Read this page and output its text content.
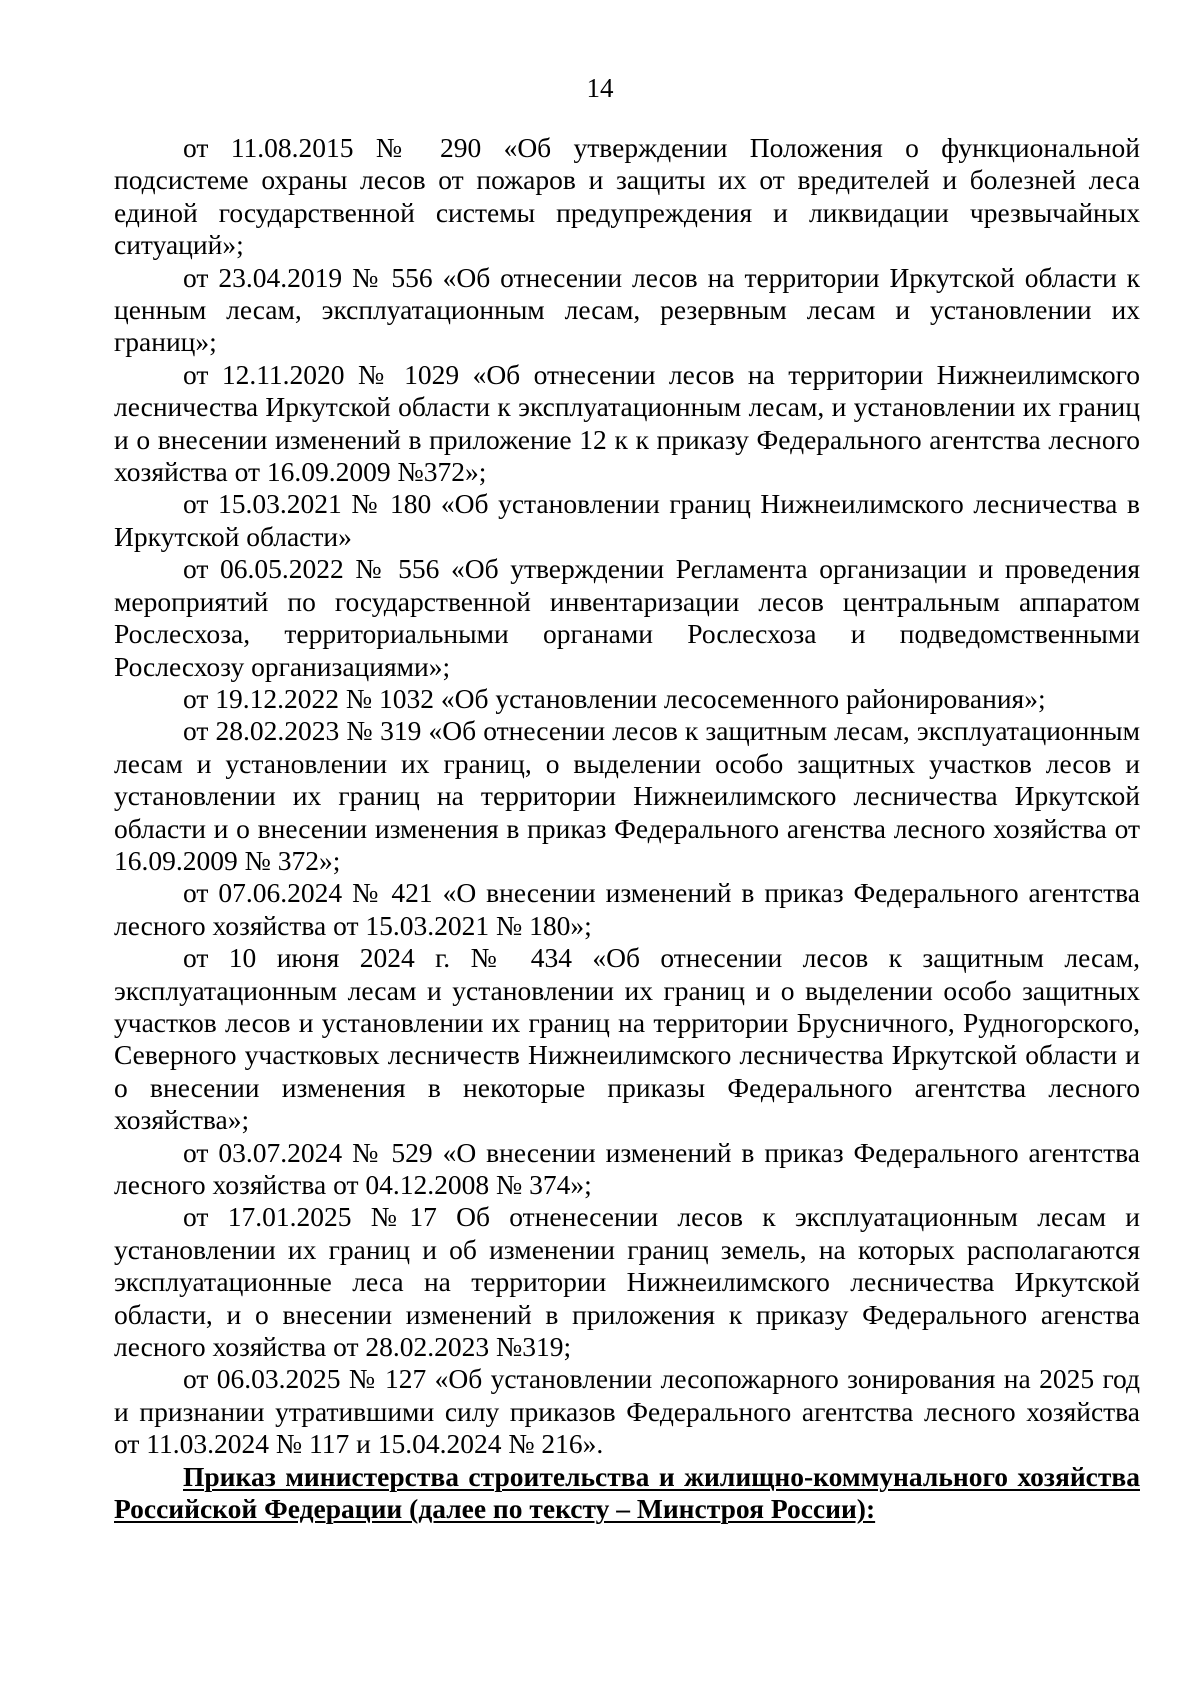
14

от 11.08.2015 № 290 «Об утверждении Положения о функциональной подсистеме охраны лесов от пожаров и защиты их от вредителей и болезней леса единой государственной системы предупреждения и ликвидации чрезвычайных ситуаций»;

от 23.04.2019 № 556 «Об отнесении лесов на территории Иркутской области к ценным лесам, эксплуатационным лесам, резервным лесам и установлении их границ»;

от 12.11.2020 № 1029 «Об отнесении лесов на территории Нижнеилимского лесничества Иркутской области к эксплуатационным лесам, и установлении их границ и о внесении изменений в приложение 12 к к приказу Федерального агентства лесного хозяйства от 16.09.2009 №372»;

от 15.03.2021 № 180 «Об установлении границ Нижнеилимского лесничества в Иркутской области»

от 06.05.2022 № 556 «Об утверждении Регламента организации и проведения мероприятий по государственной инвентаризации лесов центральным аппаратом Рослесхоза, территориальными органами Рослесхоза и подведомственными Рослесхозу организациями»;

от 19.12.2022 № 1032 «Об установлении лесосеменного районирования»;

от 28.02.2023 № 319 «Об отнесении лесов к защитным лесам, эксплуатационным лесам и установлении их границ, о выделении особо защитных участков лесов и установлении их границ на территории Нижнеилимского лесничества Иркутской области и о внесении изменения в приказ Федерального агенства лесного хозяйства от 16.09.2009 № 372»;

от 07.06.2024 № 421 «О внесении изменений в приказ Федерального агентства лесного хозяйства от 15.03.2021 № 180»;

от 10 июня 2024 г. № 434 «Об отнесении лесов к защитным лесам, эксплуатационным лесам и установлении их границ и о выделении особо защитных участков лесов и установлении их границ на территории Брусничного, Рудногорского, Северного участковых лесничеств Нижнеилимского лесничества Иркутской области и о внесении изменения в некоторые приказы Федерального агентства лесного хозяйства»;

от 03.07.2024 № 529 «О внесении изменений в приказ Федерального агентства лесного хозяйства от 04.12.2008 № 374»;

от 17.01.2025 №17 Об отненесении лесов к эксплуатационным лесам и установлении их границ и об изменении границ земель, на которых располагаются эксплуатационные леса на территории Нижнеилимского лесничества Иркутской области, и о внесении изменений в приложения к приказу Федерального агенства лесного хозяйства от 28.02.2023 №319;

от 06.03.2025 № 127 «Об установлении лесопожарного зонирования на 2025 год и признании утратившими силу приказов Федерального агентства лесного хозяйства от 11.03.2024 № 117 и 15.04.2024 № 216».

Приказ министерства строительства и жилищно-коммунального хозяйства Российской Федерации (далее по тексту – Минстроя России):
